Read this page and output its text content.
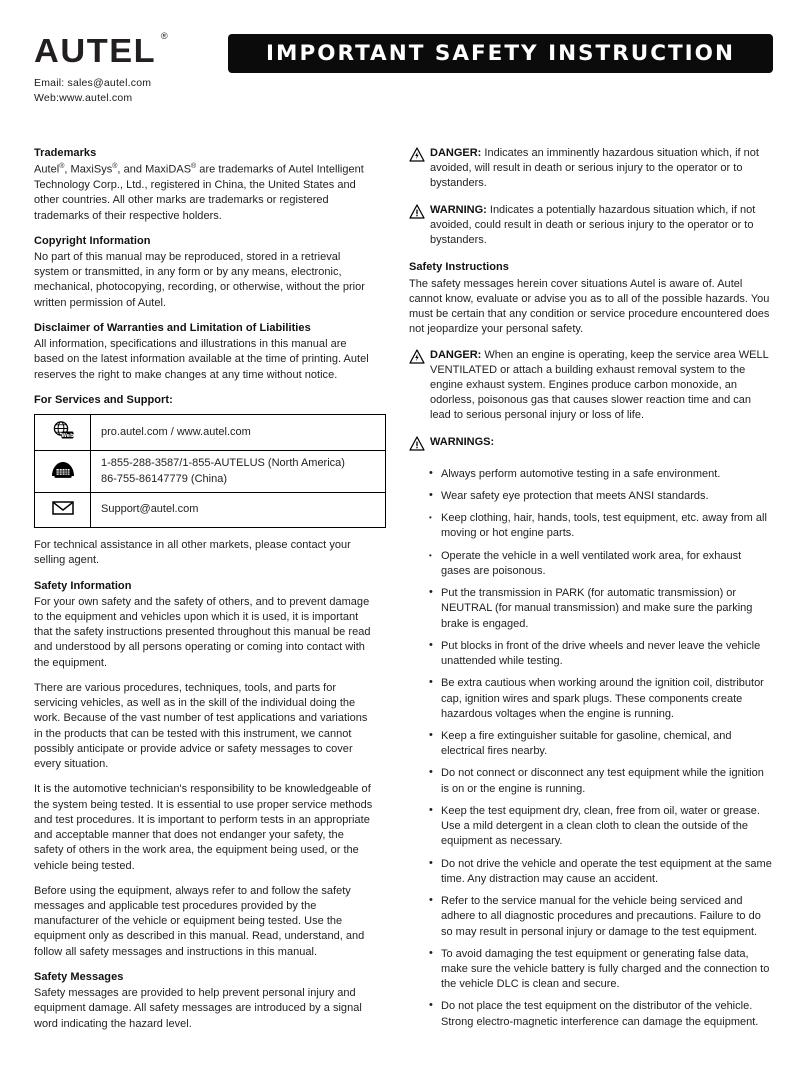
AUTEL ®
Email: sales@autel.com
Web:www.autel.com
IMPORTANT SAFETY INSTRUCTION
Trademarks

Autel®, MaxiSys®, and MaxiDAS® are trademarks of Autel Intelligent Technology Corp., Ltd., registered in China, the United States and other countries. All other marks are trademarks or registered trademarks of their respective holders.

Copyright Information

No part of this manual may be reproduced, stored in a retrieval system or transmitted, in any form or by any means, electronic, mechanical, photocopying, recording, or otherwise, without the prior written permission of Autel.

Disclaimer of Warranties and Limitation of Liabilities

All information, specifications and illustrations in this manual are based on the latest information available at the time of printing. Autel reserves the right to make changes at any time without notice.

For Services and Support:
Web	pro.autel.com / www.autel.com

1-855-288-3587/1-855-AUTELUS (North America)
86-755-86147779 (China)

Support@autel.com

For technical assistance in all other markets, please contact your selling agent.

Safety Information

For your own safety and the safety of others, and to prevent damage to the equipment and vehicles upon which it is used, it is important that the safety instructions presented throughout this manual be read and understood by all persons operating or coming into contact with the equipment.

There are various procedures, techniques, tools, and parts for servicing vehicles, as well as in the skill of the individual doing the work. Because of the vast number of test applications and variations in the products that can be tested with this instrument, we cannot possibly anticipate or provide advice or safety messages to cover every situation.

It is the automotive technician's responsibility to be knowledgeable of the system being tested. It is essential to use proper service methods and test procedures. It is important to perform tests in an appropriate and acceptable manner that does not endanger your safety, the safety of others in the work area, the equipment being used, or the vehicle being tested.

Before using the equipment, always refer to and follow the safety messages and applicable test procedures provided by the manufacturer of the vehicle or equipment being tested. Use the equipment only as described in this manual. Read, understand, and follow all safety messages and instructions in this manual.

Safety Messages

Safety messages are provided to help prevent personal injury and equipment damage. All safety messages are introduced by a signal word indicating the hazard level.

DANGER: Indicates an imminently hazardous situation which, if not avoided, will result in death or serious injury to the operator or to bystanders.
WARNING: Indicates a potentially hazardous situation which, if not avoided, could result in death or serious injury to the operator or to bystanders.
Safety Instructions

The safety messages herein cover situations Autel is aware of. Autel cannot know, evaluate or advise you as to all of the possible hazards. You must be certain that any condition or service procedure encountered does not jeopardize your personal safety.

DANGER: When an engine is operating, keep the service area WELL VENTILATED or attach a building exhaust removal system to the engine exhaust system. Engines produce carbon monoxide, an odorless, poisonous gas that causes slower reaction time and can lead to serious personal injury or loss of life.
WARNINGS:
• Always perform automotive testing in a safe environment.
• Wear safety eye protection that meets ANSI standards.
• Keep clothing, hair, hands, tools, test equipment, etc. away from all moving or hot engine parts.
• Operate the vehicle in a well ventilated work area, for exhaust gases are poisonous.
• Put the transmission in PARK (for automatic transmission) or NEUTRAL (for manual transmission) and make sure the parking brake is engaged.
• Put blocks in front of the drive wheels and never leave the vehicle unattended while testing.
• Be extra cautious when working around the ignition coil, distributor cap, ignition wires and spark plugs. These components create hazardous voltages when the engine is running.
• Keep a fire extinguisher suitable for gasoline, chemical, and electrical fires nearby.
• Do not connect or disconnect any test equipment while the ignition is on or the engine is running.
• Keep the test equipment dry, clean, free from oil, water or grease. Use a mild detergent in a clean cloth to clean the outside of the equipment as necessary.
• Do not drive the vehicle and operate the test equipment at the same time. Any distraction may cause an accident.
• Refer to the service manual for the vehicle being serviced and adhere to all diagnostic procedures and precautions. Failure to do so may result in personal injury or damage to the test equipment.
• To avoid damaging the test equipment or generating false data, make sure the vehicle battery is fully charged and the connection to the vehicle DLC is clean and secure.
• Do not place the test equipment on the distributor of the vehicle. Strong electro-magnetic interference can damage the equipment.
